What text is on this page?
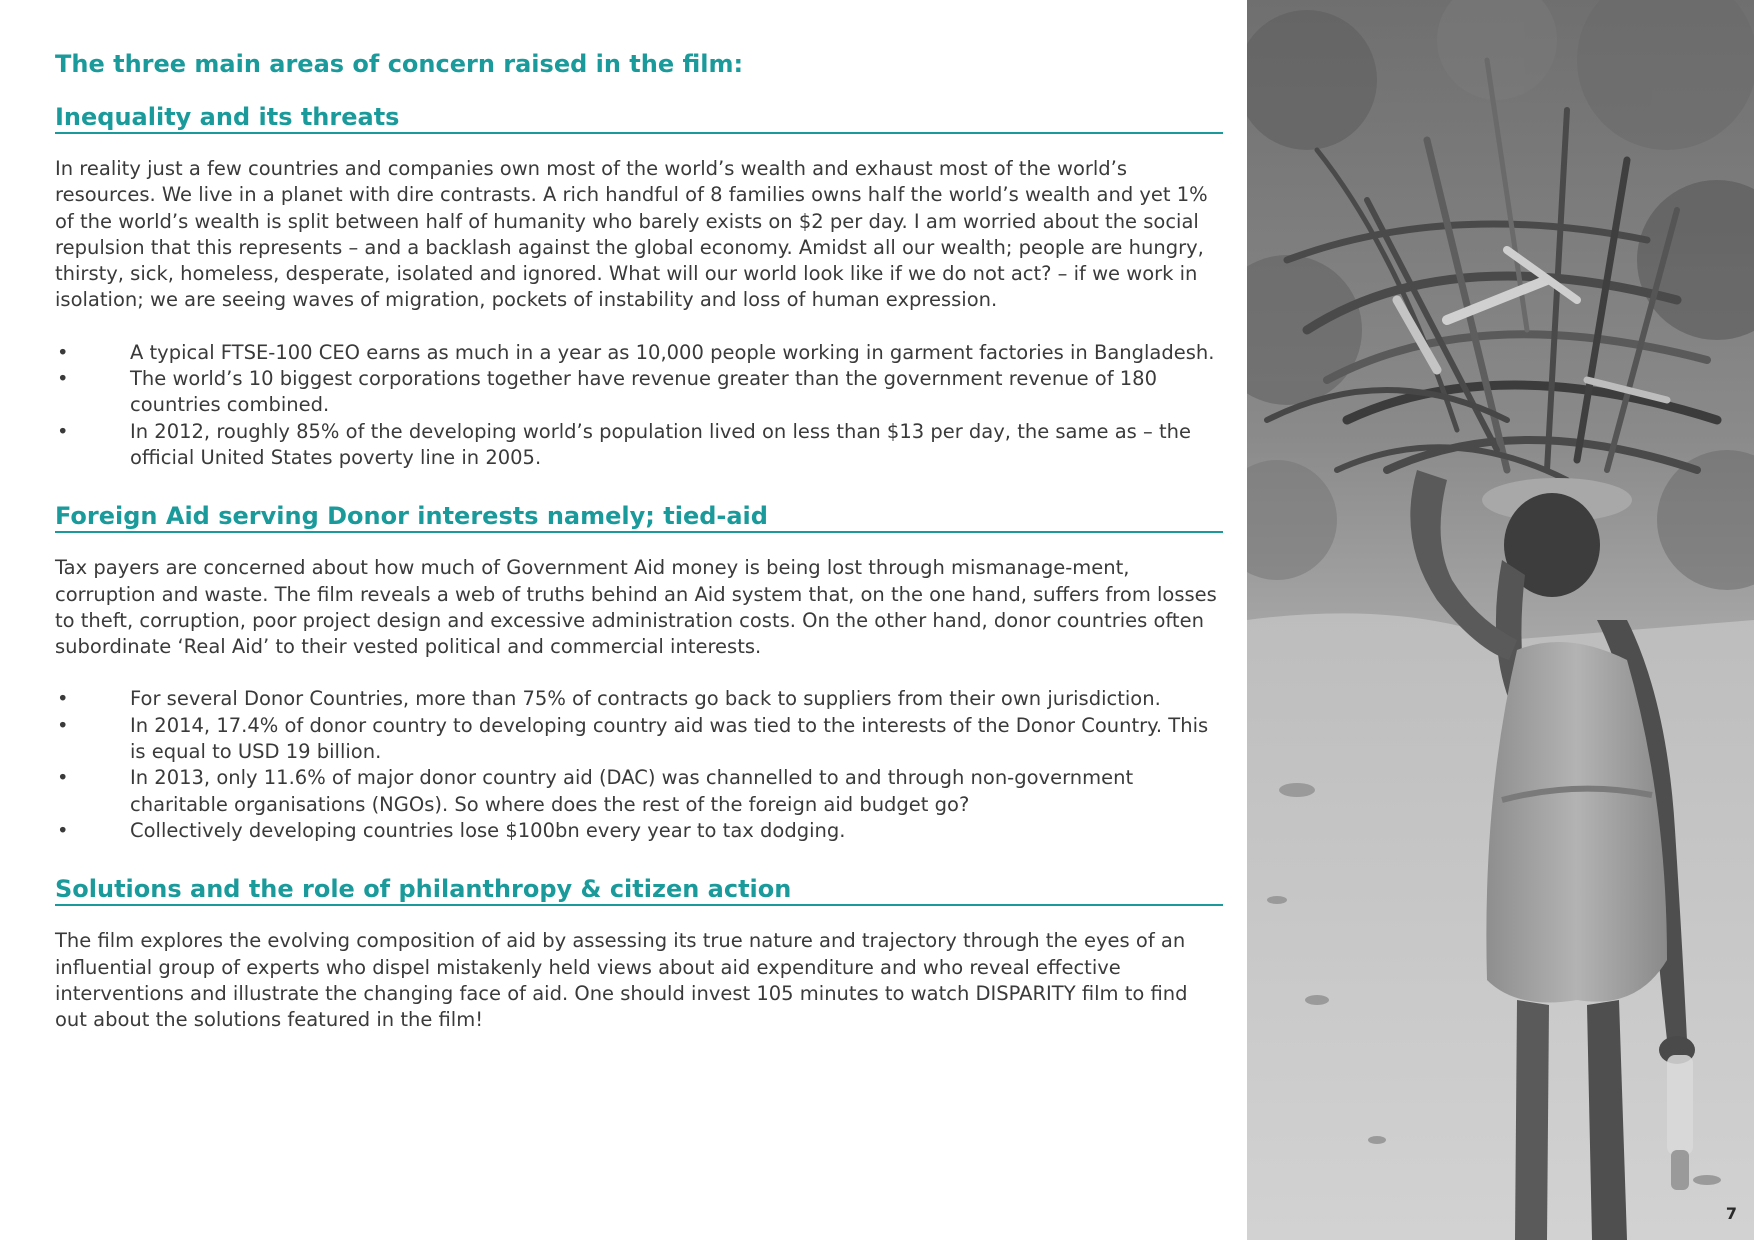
The three main areas of concern raised in the film:
Inequality and its threats

In reality just a few countries and companies own most of the world’s wealth and exhaust most of the world’s resources. We live in a planet with dire contrasts. A rich handful of 8 families owns half the world’s wealth and yet 1% of the world’s wealth is split between half of humanity who barely exists on $2 per day. I am worried about the social repulsion that this represents – and a backlash against the global economy. Amidst all our wealth; people are hungry, thirsty, sick, homeless, desperate, isolated and ignored. What will our world look like if we do not act? – if we work in isolation; we are seeing waves of migration, pockets of instability and loss of human expression.

•	A typical FTSE-100 CEO earns as much in a year as 10,000 people working in garment factories in Bangladesh.
•	The world’s 10 biggest corporations together have revenue greater than the government revenue of 180 countries combined.
•	In 2012, roughly 85% of the developing world’s population lived on less than $13 per day, the same as – the official United States poverty line in 2005.
Foreign Aid serving Donor interests namely; tied-aid

Tax payers are concerned about how much of Government Aid money is being lost through mismanage-ment, corruption and waste. The film reveals a web of truths behind an Aid system that, on the one hand, suffers from losses to theft, corruption, poor project design and excessive administration costs. On the other hand, donor countries often subordinate ‘Real Aid’ to their vested political and commercial interests.

•	For several Donor Countries, more than 75% of contracts go back to suppliers from their own jurisdiction.
•	In 2014, 17.4% of donor country to developing country aid was tied to the interests of the Donor Country. This is equal to USD 19 billion.
•	In 2013, only 11.6% of major donor country aid (DAC) was channelled to and through non-government charitable organisations (NGOs). So where does the rest of the foreign aid budget go?
•	Collectively developing countries lose $100bn every year to tax dodging.
Solutions and the role of philanthropy & citizen action

The film explores the evolving composition of aid by assessing its true nature and trajectory through the eyes of an influential group of experts who dispel mistakenly held views about aid expenditure and who reveal effective interventions and illustrate the changing face of aid. One should invest 105 minutes to watch DISPARITY film to find out about the solutions featured in the film!

7
